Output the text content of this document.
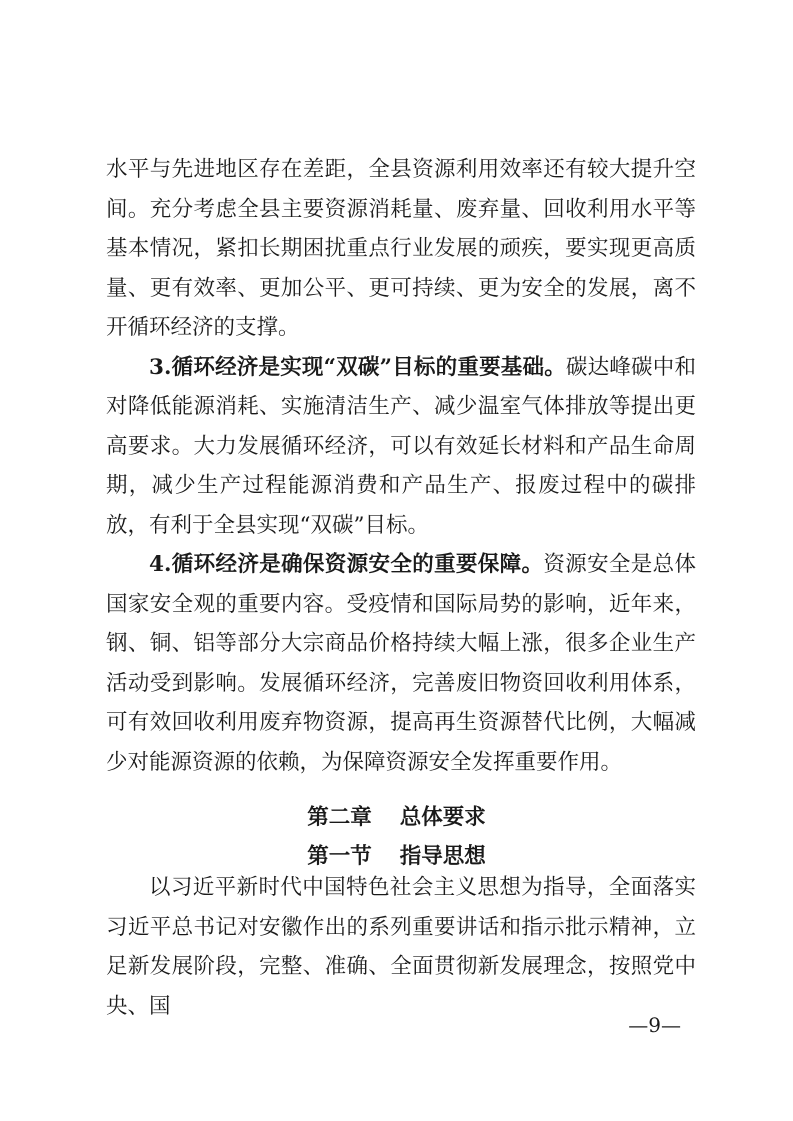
水平与先进地区存在差距，全县资源利用效率还有较大提升空间。充分考虑全县主要资源消耗量、废弃量、回收利用水平等基本情况，紧扣长期困扰重点行业发展的顽疾，要实现更高质量、更有效率、更加公平、更可持续、更为安全的发展，离不开循环经济的支撑。

3.循环经济是实现“双碳”目标的重要基础。碳达峰碳中和对降低能源消耗、实施清洁生产、减少温室气体排放等提出更高要求。大力发展循环经济，可以有效延长材料和产品生命周期，减少生产过程能源消费和产品生产、报废过程中的碳排放，有利于全县实现“双碳”目标。

4.循环经济是确保资源安全的重要保障。资源安全是总体国家安全观的重要内容。受疫情和国际局势的影响，近年来，钢、铜、铝等部分大宗商品价格持续大幅上涨，很多企业生产活动受到影响。发展循环经济，完善废旧物资回收利用体系，可有效回收利用废弃物资源，提高再生资源替代比例，大幅减少对能源资源的依赖，为保障资源安全发挥重要作用。

第二章 总体要求
第一节 指导思想

以习近平新时代中国特色社会主义思想为指导，全面落实习近平总书记对安徽作出的系列重要讲话和指示批示精神，立足新发展阶段，完整、准确、全面贯彻新发展理念，按照党中央、国

—9—
